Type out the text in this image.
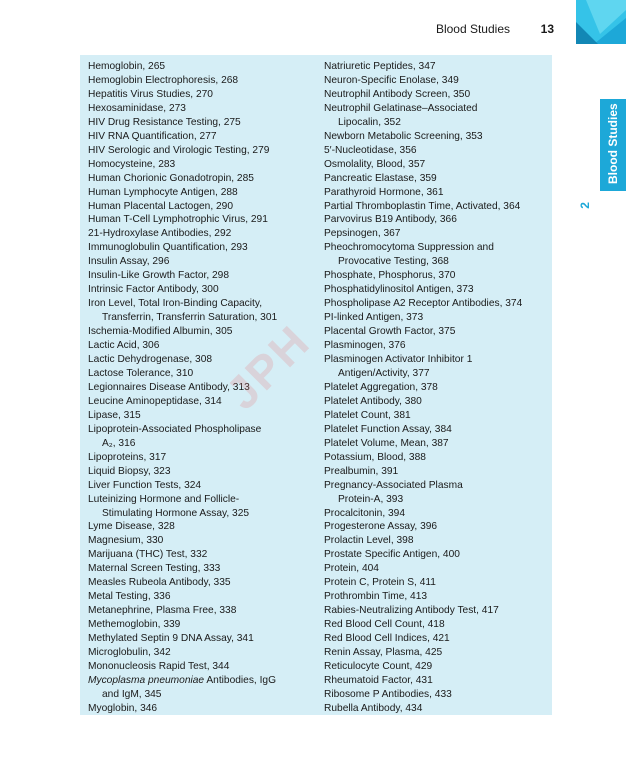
Blood Studies	13
Blood Studies
2
Hemoglobin, 265
Hemoglobin Electrophoresis, 268
Hepatitis Virus Studies, 270
Hexosaminidase, 273
HIV Drug Resistance Testing, 275
HIV RNA Quantification, 277
HIV Serologic and Virologic Testing, 279
Homocysteine, 283
Human Chorionic Gonadotropin, 285
Human Lymphocyte Antigen, 288
Human Placental Lactogen, 290
Human T-Cell Lymphotrophic Virus, 291
21-Hydroxylase Antibodies, 292
Immunoglobulin Quantification, 293
Insulin Assay, 296
Insulin-Like Growth Factor, 298
Intrinsic Factor Antibody, 300
Iron Level, Total Iron-Binding Capacity,
Transferrin, Transferrin Saturation, 301
Ischemia-Modified Albumin, 305
Lactic Acid, 306
Lactic Dehydrogenase, 308
Lactose Tolerance, 310
Legionnaires Disease Antibody, 313
Leucine Aminopeptidase, 314
Lipase, 315
Lipoprotein-Associated Phospholipase
A₂, 316
Lipoproteins, 317
Liquid Biopsy, 323
Liver Function Tests, 324
Luteinizing Hormone and Follicle-
Stimulating Hormone Assay, 325
Lyme Disease, 328
Magnesium, 330
Marijuana (THC) Test, 332
Maternal Screen Testing, 333
Measles Rubeola Antibody, 335
Metal Testing, 336
Metanephrine, Plasma Free, 338
Methemoglobin, 339
Methylated Septin 9 DNA Assay, 341
Microglobulin, 342
Mononucleosis Rapid Test, 344
Mycoplasma pneumoniae Antibodies, IgG
and IgM, 345
Myoglobin, 346
Natriuretic Peptides, 347
Neuron-Specific Enolase, 349
Neutrophil Antibody Screen, 350
Neutrophil Gelatinase–Associated
Lipocalin, 352
Newborn Metabolic Screening, 353
5′-Nucleotidase, 356
Osmolality, Blood, 357
Pancreatic Elastase, 359
Parathyroid Hormone, 361
Partial Thromboplastin Time, Activated, 364
Parvovirus B19 Antibody, 366
Pepsinogen, 367
Pheochromocytoma Suppression and
Provocative Testing, 368
Phosphate, Phosphorus, 370
Phosphatidylinositol Antigen, 373
Phospholipase A2 Receptor Antibodies, 374
PI-linked Antigen, 373
Placental Growth Factor, 375
Plasminogen, 376
Plasminogen Activator Inhibitor 1
Antigen/Activity, 377
Platelet Aggregation, 378
Platelet Antibody, 380
Platelet Count, 381
Platelet Function Assay, 384
Platelet Volume, Mean, 387
Potassium, Blood, 388
Prealbumin, 391
Pregnancy-Associated Plasma
Protein-A, 393
Procalcitonin, 394
Progesterone Assay, 396
Prolactin Level, 398
Prostate Specific Antigen, 400
Protein, 404
Protein C, Protein S, 411
Prothrombin Time, 413
Rabies-Neutralizing Antibody Test, 417
Red Blood Cell Count, 418
Red Blood Cell Indices, 421
Renin Assay, Plasma, 425
Reticulocyte Count, 429
Rheumatoid Factor, 431
Ribosome P Antibodies, 433
Rubella Antibody, 434
JPH
